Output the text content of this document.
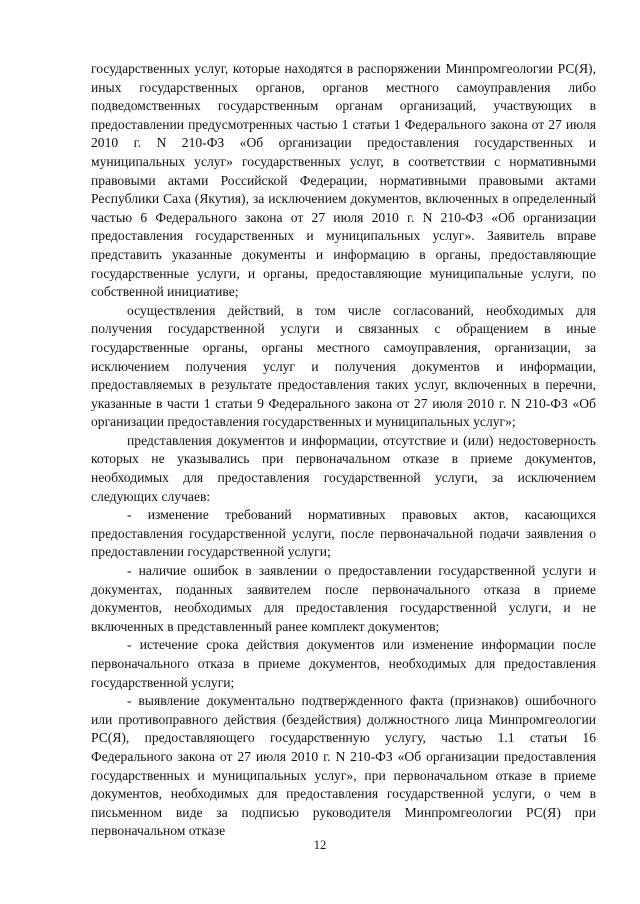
государственных услуг, которые находятся в распоряжении Минпромгеологии РС(Я), иных государственных органов, органов местного самоуправления либо подведомственных государственным органам организаций, участвующих в предоставлении предусмотренных частью 1 статьи 1 Федерального закона от 27 июля 2010 г. N 210-ФЗ «Об организации предоставления государственных и муниципальных услуг» государственных услуг, в соответствии с нормативными правовыми актами Российской Федерации, нормативными правовыми актами Республики Саха (Якутия), за исключением документов, включенных в определенный частью 6 Федерального закона от 27 июля 2010 г. N 210-ФЗ «Об организации предоставления государственных и муниципальных услуг». Заявитель вправе представить указанные документы и информацию в органы, предоставляющие государственные услуги, и органы, предоставляющие муниципальные услуги, по собственной инициативе;

осуществления действий, в том числе согласований, необходимых для получения государственной услуги и связанных с обращением в иные государственные органы, органы местного самоуправления, организации, за исключением получения услуг и получения документов и информации, предоставляемых в результате предоставления таких услуг, включенных в перечни, указанные в части 1 статьи 9 Федерального закона от 27 июля 2010 г. N 210-ФЗ «Об организации предоставления государственных и муниципальных услуг»;

представления документов и информации, отсутствие и (или) недостоверность которых не указывались при первоначальном отказе в приеме документов, необходимых для предоставления государственной услуги, за исключением следующих случаев:

- изменение требований нормативных правовых актов, касающихся предоставления государственной услуги, после первоначальной подачи заявления о предоставлении государственной услуги;

- наличие ошибок в заявлении о предоставлении государственной услуги и документах, поданных заявителем после первоначального отказа в приеме документов, необходимых для предоставления государственной услуги, и не включенных в представленный ранее комплект документов;

- истечение срока действия документов или изменение информации после первоначального отказа в приеме документов, необходимых для предоставления государственной услуги;

- выявление документально подтвержденного факта (признаков) ошибочного или противоправного действия (бездействия) должностного лица Минпромгеологии РС(Я), предоставляющего государственную услугу, частью 1.1 статьи 16 Федерального закона от 27 июля 2010 г. N 210-ФЗ «Об организации предоставления государственных и муниципальных услуг», при первоначальном отказе в приеме документов, необходимых для предоставления государственной услуги, о чем в письменном виде за подписью руководителя Минпромгеологии РС(Я) при первоначальном отказе

12
